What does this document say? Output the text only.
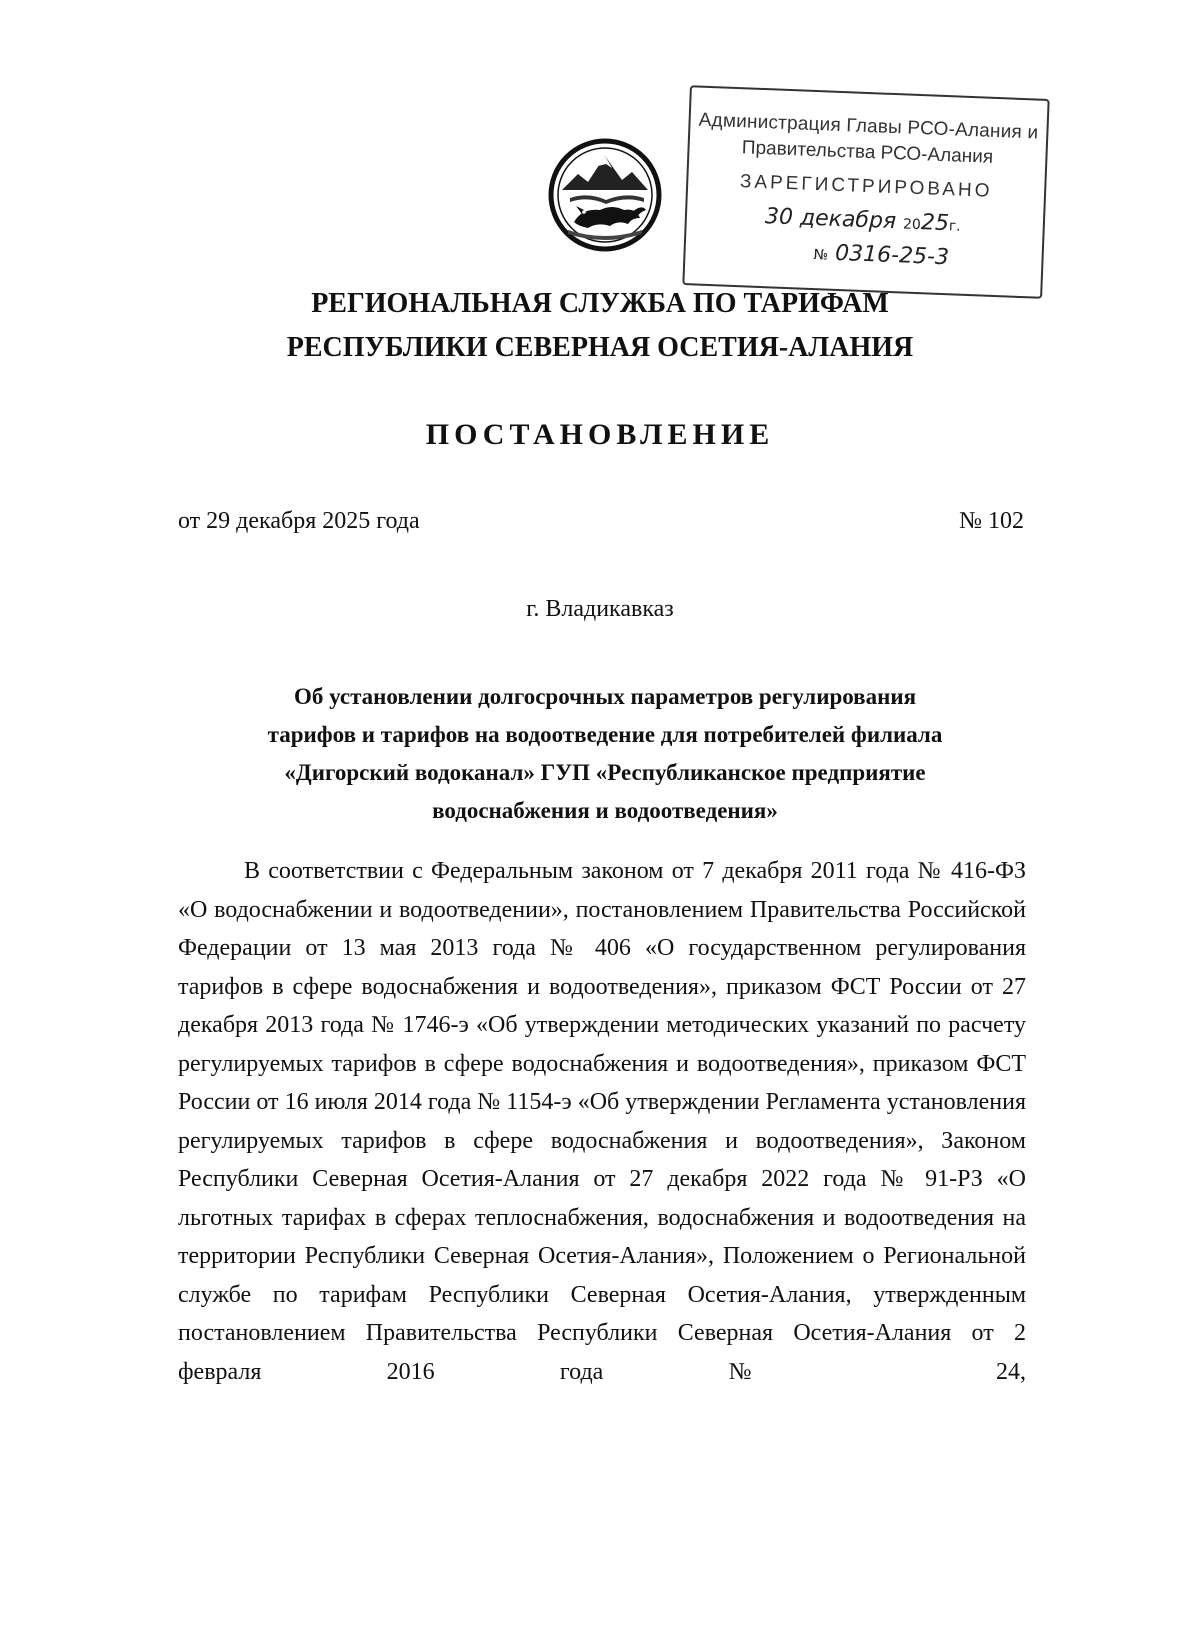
Администрация Главы РСО-Алания и
Правительства РСО-Алания
ЗАРЕГИСТРИРОВАНО
30 декабря 2025г.
№ 0316-25-3
РЕГИОНАЛЬНАЯ СЛУЖБА ПО ТАРИФАМ
РЕСПУБЛИКИ СЕВЕРНАЯ ОСЕТИЯ-АЛАНИЯ
ПОСТАНОВЛЕНИЕ
от 29 декабря 2025 года	№ 102
г. Владикавказ
Об установлении долгосрочных параметров регулирования
тарифов и тарифов на водоотведение для потребителей филиала
«Дигорский водоканал» ГУП «Республиканское предприятие
водоснабжения и водоотведения»

В соответствии с Федеральным законом от 7 декабря 2011 года № 416-ФЗ «О водоснабжении и водоотведении», постановлением Правительства Российской Федерации от 13 мая 2013 года № 406 «О государственном регулирования тарифов в сфере водоснабжения и водоотведения», приказом ФСТ России от 27 декабря 2013 года № 1746-э «Об утверждении методических указаний по расчету регулируемых тарифов в сфере водоснабжения и водоотведения», приказом ФСТ России от 16 июля 2014 года № 1154-э «Об утверждении Регламента установления регулируемых тарифов в сфере водоснабжения и водоотведения», Законом Республики Северная Осетия-Алания от 27 декабря 2022 года № 91-РЗ «О льготных тарифах в сферах теплоснабжения, водоснабжения и водоотведения на территории Республики Северная Осетия-Алания», Положением о Региональной службе по тарифам Республики Северная Осетия-Алания, утвержденным постановлением Правительства Республики Северная Осетия-Алания от 2 февраля 2016 года № 24,
